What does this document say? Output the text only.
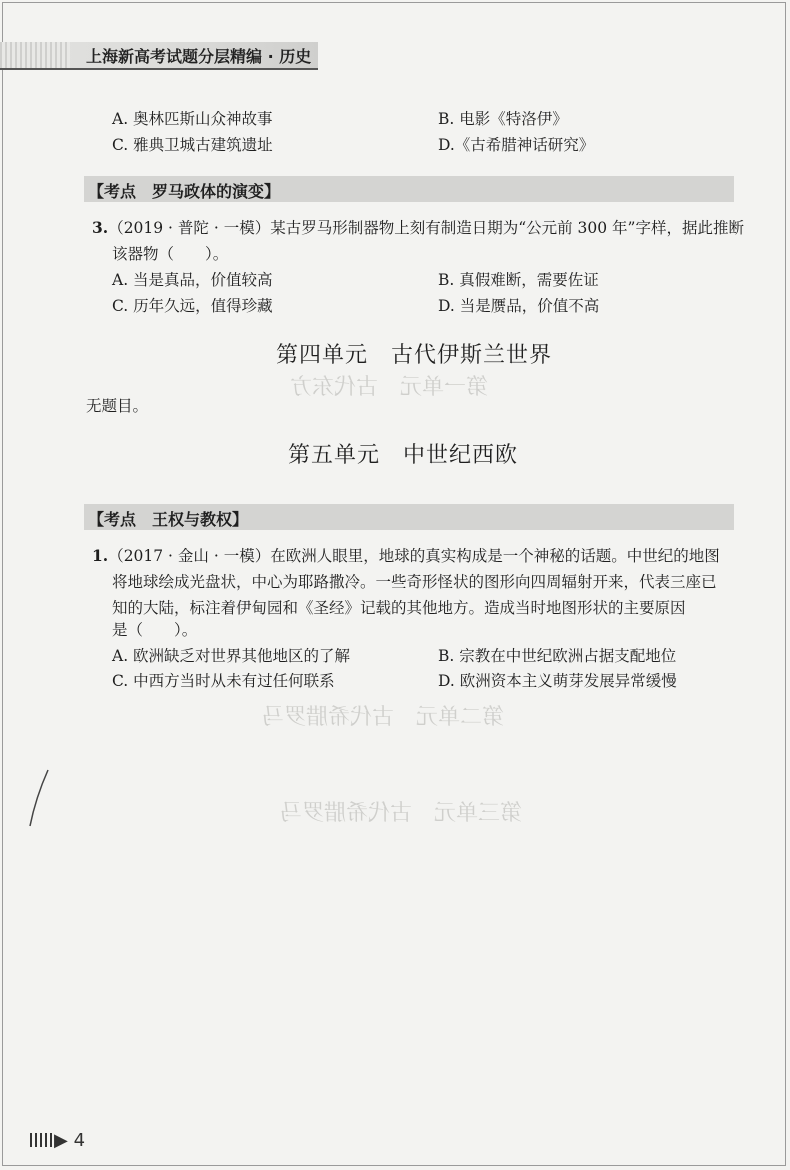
第一单元　古代东方
第二单元　古代希腊罗马
第三单元　古代希腊罗马
上海新高考试题分层精编 · 历史
A. 奥林匹斯山众神故事	B. 电影《特洛伊》
C. 雅典卫城古建筑遗址	D.《古希腊神话研究》
【考点　罗马政体的演变】
3.（2019 · 普陀 · 一模）某古罗马形制器物上刻有制造日期为“公元前 300 年”字样，据此推断
该器物（　　）。
A. 当是真品，价值较高	B. 真假难断，需要佐证
C. 历年久远，值得珍藏	D. 当是赝品，价值不高
第四单元　古代伊斯兰世界
无题目。
第五单元　中世纪西欧
【考点　王权与教权】
1.（2017 · 金山 · 一模）在欧洲人眼里，地球的真实构成是一个神秘的话题。中世纪的地图
将地球绘成光盘状，中心为耶路撒冷。一些奇形怪状的图形向四周辐射开来，代表三座已
知的大陆，标注着伊甸园和《圣经》记载的其他地方。造成当时地图形状的主要原因
是（　　）。
A. 欧洲缺乏对世界其他地区的了解	B. 宗教在中世纪欧洲占据支配地位
C. 中西方当时从未有过任何联系	D. 欧洲资本主义萌芽发展异常缓慢
▶ 4
